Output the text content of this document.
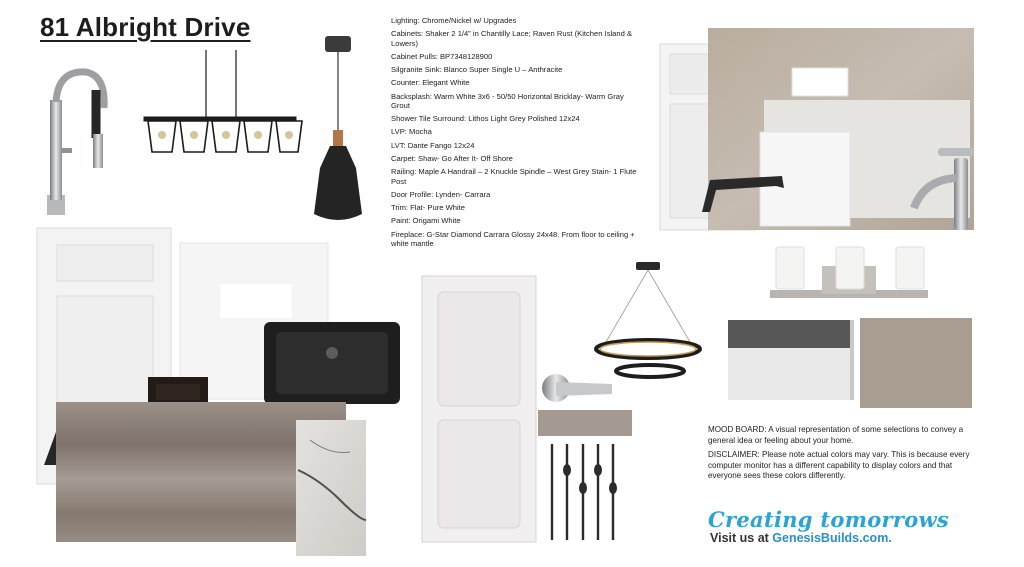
81 Albright Drive	Lighting: Chrome/Nickel w/ Upgrades
Cabinets: Shaker 2 1/4” in Chantilly Lace; Raven Rust (Kitchen Island & Lowers)
Cabinet Pulls: BP7348128900
Silgranite Sink: Blanco Super Single U – Anthracite
Counter: Elegant White
Backsplash: Warm White 3x6 - 50/50 Horizontal Bricklay- Warm Gray Grout
Shower Tile Surround: Lithos Light Grey Polished 12x24
LVP: Mocha
LVT: Dante Fango 12x24
Carpet: Shaw- Go After It- Off Shore
Railing: Maple A Handrail – 2 Knuckle Spindle – West Grey Stain- 1 Flute Post
Door Profile: Lynden- Carrara
Trim: Flat- Pure White
Paint: Origami White
Fireplace: G-Star Diamond Carrara Glossy 24x48. From floor to ceiling + white mantle

MOOD BOARD: A visual representation of some selections to convey a general idea or feeling about your home.

DISCLAIMER: Please note actual colors may vary. This is because every computer monitor has a different capability to display colors and that everyone sees these colors differently.

Creating tomorrows
Visit us at GenesisBuilds.com.
